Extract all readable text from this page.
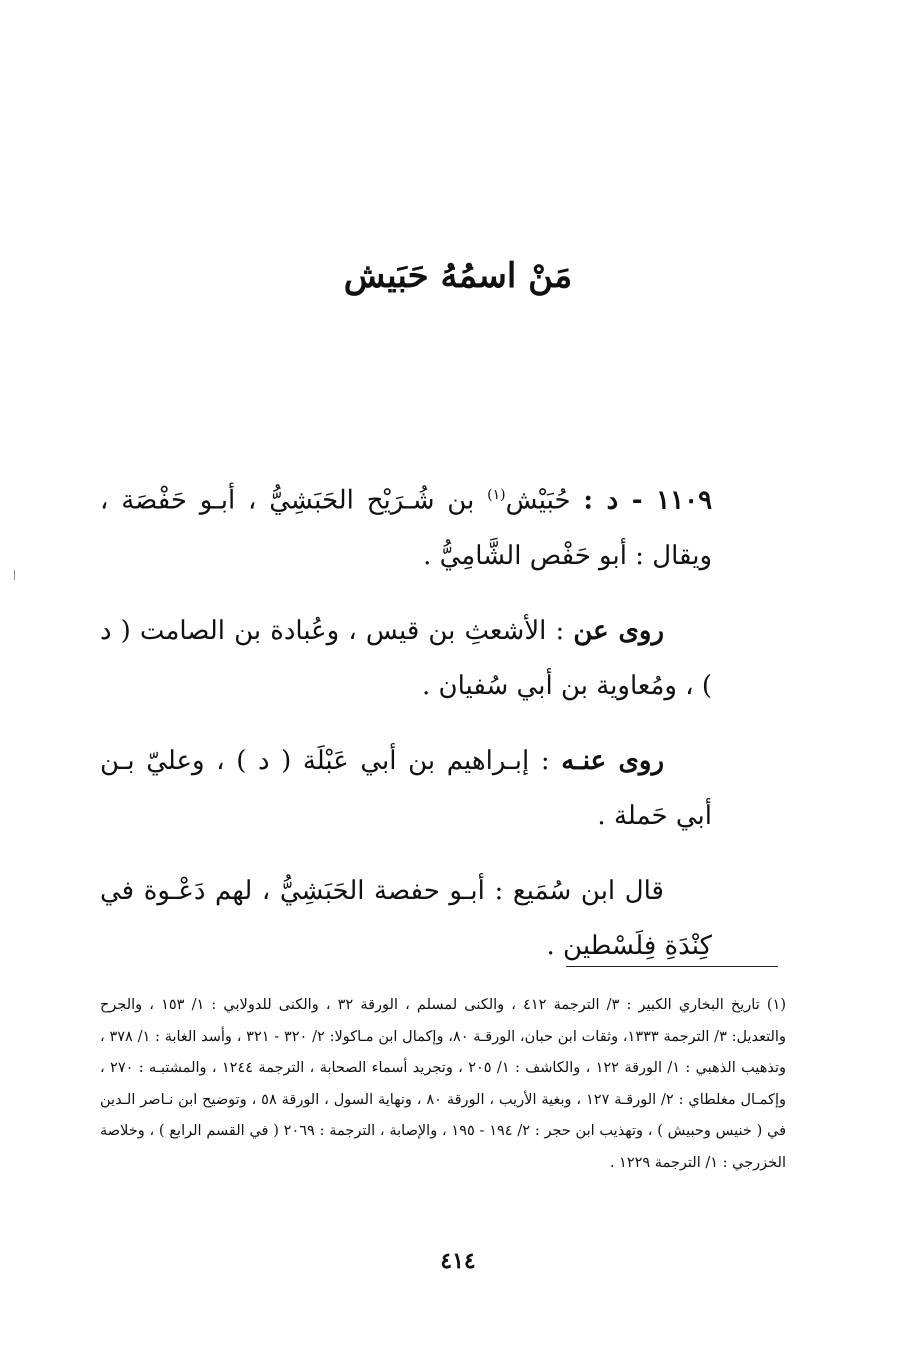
مَنْ اسمُهُ حَبَيش

١١٠٩ - د : حُبَيْش$^{(١)}$ بن شُـرَيْح الحَبَشِيُّ ، أبـو حَفْصَة ، ويقال : أبو حَفْص الشَّامِيُّ .

روى عن : الأشعثِ بن قيس ، وعُبادة بن الصامت ( د ) ، ومُعاوية بن أبي سُفيان .

روى عنـه : إبـراهيم بن أبي عَبْلَة ( د ) ، وعليّ بـن أبي حَملة .

قال ابن سُمَيع : أبـو حفصة الحَبَشِيُّ ، لهم دَعْـوة في كِنْدَةِ فِلَسْطين .

(١) تاريخ البخاري الكبير : ٣/ الترجمة ٤١٢ ، والكنى لمسلم ، الورقة ٣٢ ، والكنى للدولابي : ١/ ١٥٣ ، والجرح والتعديل: ٣/ الترجمة ١٣٣٣، وثقات ابن حبان، الورقـة ٨٠، وإكمال ابن مـاكولا: ٢/ ٣٢٠ - ٣٢١ ، وأسد الغابة : ١/ ٣٧٨ ، وتذهيب الذهبي : ١/ الورقة ١٢٢ ، والكاشف : ١/ ٢٠٥ ، وتجريد أسماء الصحابة ، الترجمة ١٢٤٤ ، والمشتبـه : ٢٧٠ ، وإكمـال مغلطاي : ٢/ الورقـة ١٢٧ ، وبغية الأريب ، الورقة ٨٠ ، ونهاية السول ، الورقة ٥٨ ، وتوضيح ابن نـاصر الـدين في ( خنيس وحبيش ) ، وتهذيب ابن حجر : ٢/ ١٩٤ - ١٩٥ ، والإصابة ، الترجمة : ٢٠٦٩ ( في القسم الرابع ) ، وخلاصة الخزرجي : ١/ الترجمة ١٢٢٩ .

٤١٤
